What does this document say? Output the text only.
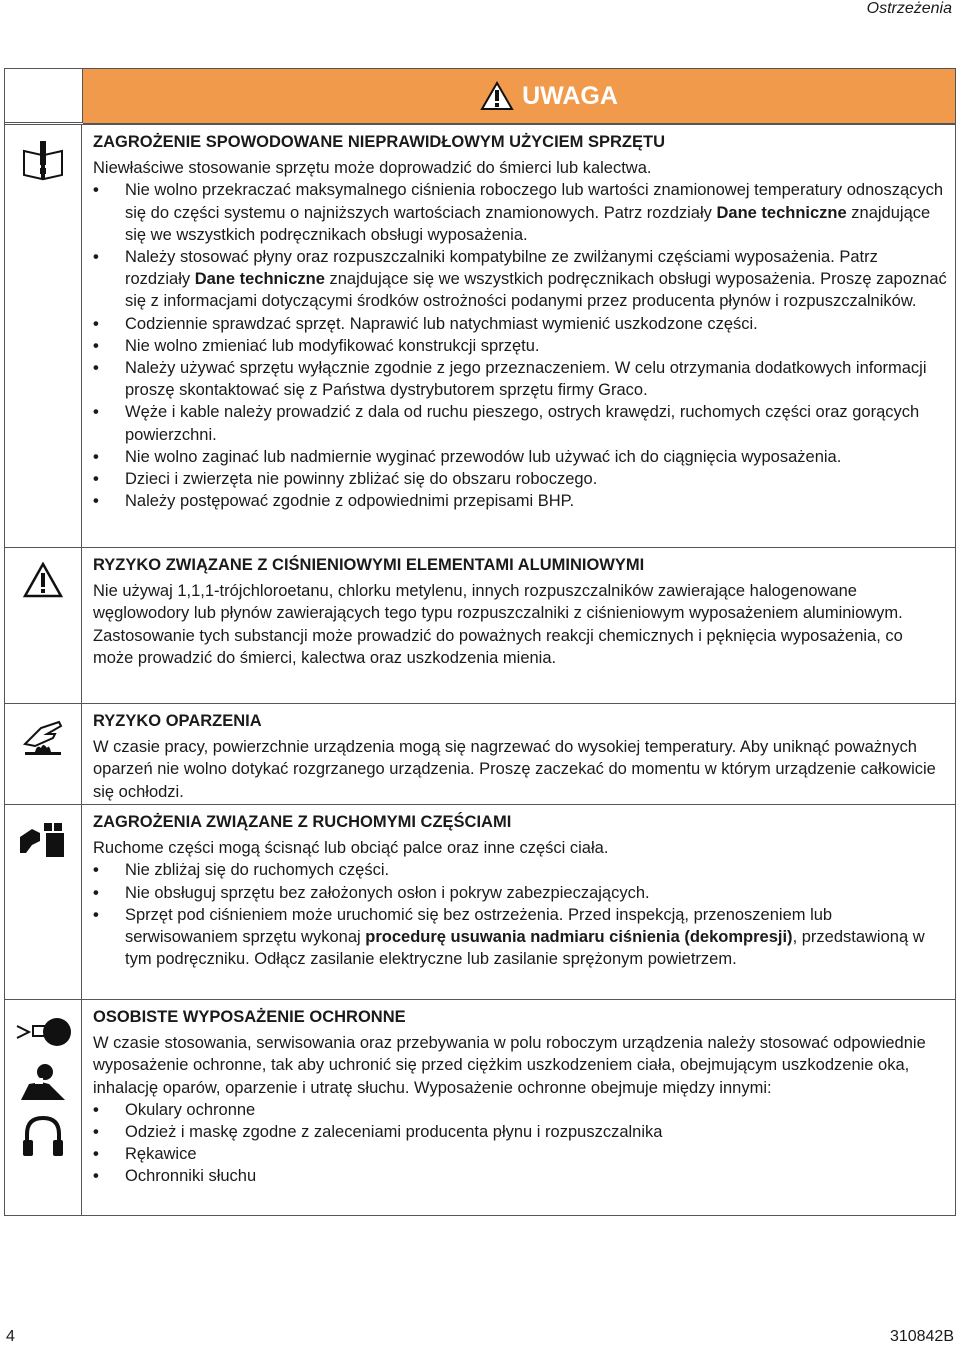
Ostrzeżenia
UWAGA
ZAGROŻENIE SPOWODOWANE NIEPRAWIDŁOWYM UŻYCIEM SPRZĘTU
Niewłaściwe stosowanie sprzętu może doprowadzić do śmierci lub kalectwa.
• Nie wolno przekraczać maksymalnego ciśnienia roboczego lub wartości znamionowej temperatury odnoszących się do części systemu o najniższych wartościach znamionowych. Patrz rozdziały Dane techniczne znajdujące się we wszystkich podręcznikach obsługi wyposażenia.
• Należy stosować płyny oraz rozpuszczalniki kompatybilne ze zwilżanymi częściami wyposażenia. Patrz rozdziały Dane techniczne znajdujące się we wszystkich podręcznikach obsługi wyposażenia. Proszę zapoznać się z informacjami dotyczącymi środków ostrożności podanymi przez producenta płynów i rozpuszczalników.
• Codziennie sprawdzać sprzęt. Naprawić lub natychmiast wymienić uszkodzone części.
• Nie wolno zmieniać lub modyfikować konstrukcji sprzętu.
• Należy używać sprzętu wyłącznie zgodnie z jego przeznaczeniem. W celu otrzymania dodatkowych informacji proszę skontaktować się z Państwa dystrybutorem sprzętu firmy Graco.
• Węże i kable należy prowadzić z dala od ruchu pieszego, ostrych krawędzi, ruchomych części oraz gorących powierzchni.
• Nie wolno zaginać lub nadmiernie wyginać przewodów lub używać ich do ciągnięcia wyposażenia.
• Dzieci i zwierzęta nie powinny zbliżać się do obszaru roboczego.
• Należy postępować zgodnie z odpowiednimi przepisami BHP.
RYZYKO ZWIĄZANE Z CIŚNIENIOWYMI ELEMENTAMI ALUMINIOWYMI
Nie używaj 1,1,1-trójchloroetanu, chlorku metylenu, innych rozpuszczalników zawierające halogenowane węglowodory lub płynów zawierających tego typu rozpuszczalniki z ciśnieniowym wyposażeniem aluminiowym. Zastosowanie tych substancji może prowadzić do poważnych reakcji chemicznych i pęknięcia wyposażenia, co może prowadzić do śmierci, kalectwa oraz uszkodzenia mienia.
RYZYKO OPARZENIA
W czasie pracy, powierzchnie urządzenia mogą się nagrzewać do wysokiej temperatury. Aby uniknąć poważnych oparzeń nie wolno dotykać rozgrzanego urządzenia. Proszę zaczekać do momentu w którym urządzenie całkowicie się ochłodzi.
ZAGROŻENIA ZWIĄZANE Z RUCHOMYMI CZĘŚCIAMI
Ruchome części mogą ścisnąć lub obciąć palce oraz inne części ciała.
• Nie zbliżaj się do ruchomych części.
• Nie obsługuj sprzętu bez założonych osłon i pokryw zabezpieczających.
• Sprzęt pod ciśnieniem może uruchomić się bez ostrzeżenia. Przed inspekcją, przenoszeniem lub serwisowaniem sprzętu wykonaj procedurę usuwania nadmiaru ciśnienia (dekompresji), przedstawioną w tym podręczniku. Odłącz zasilanie elektryczne lub zasilanie sprężonym powietrzem.
OSOBISTE WYPOSAŻENIE OCHRONNE
W czasie stosowania, serwisowania oraz przebywania w polu roboczym urządzenia należy stosować odpowiednie wyposażenie ochronne, tak aby uchronić się przed ciężkim uszkodzeniem ciała, obejmującym uszkodzenie oka, inhalację oparów, oparzenie i utratę słuchu. Wyposażenie ochronne obejmuje między innymi:
• Okulary ochronne
• Odzież i maskę zgodne z zaleceniami producenta płynu i rozpuszczalnika
• Rękawice
• Ochronniki słuchu
4	310842B
